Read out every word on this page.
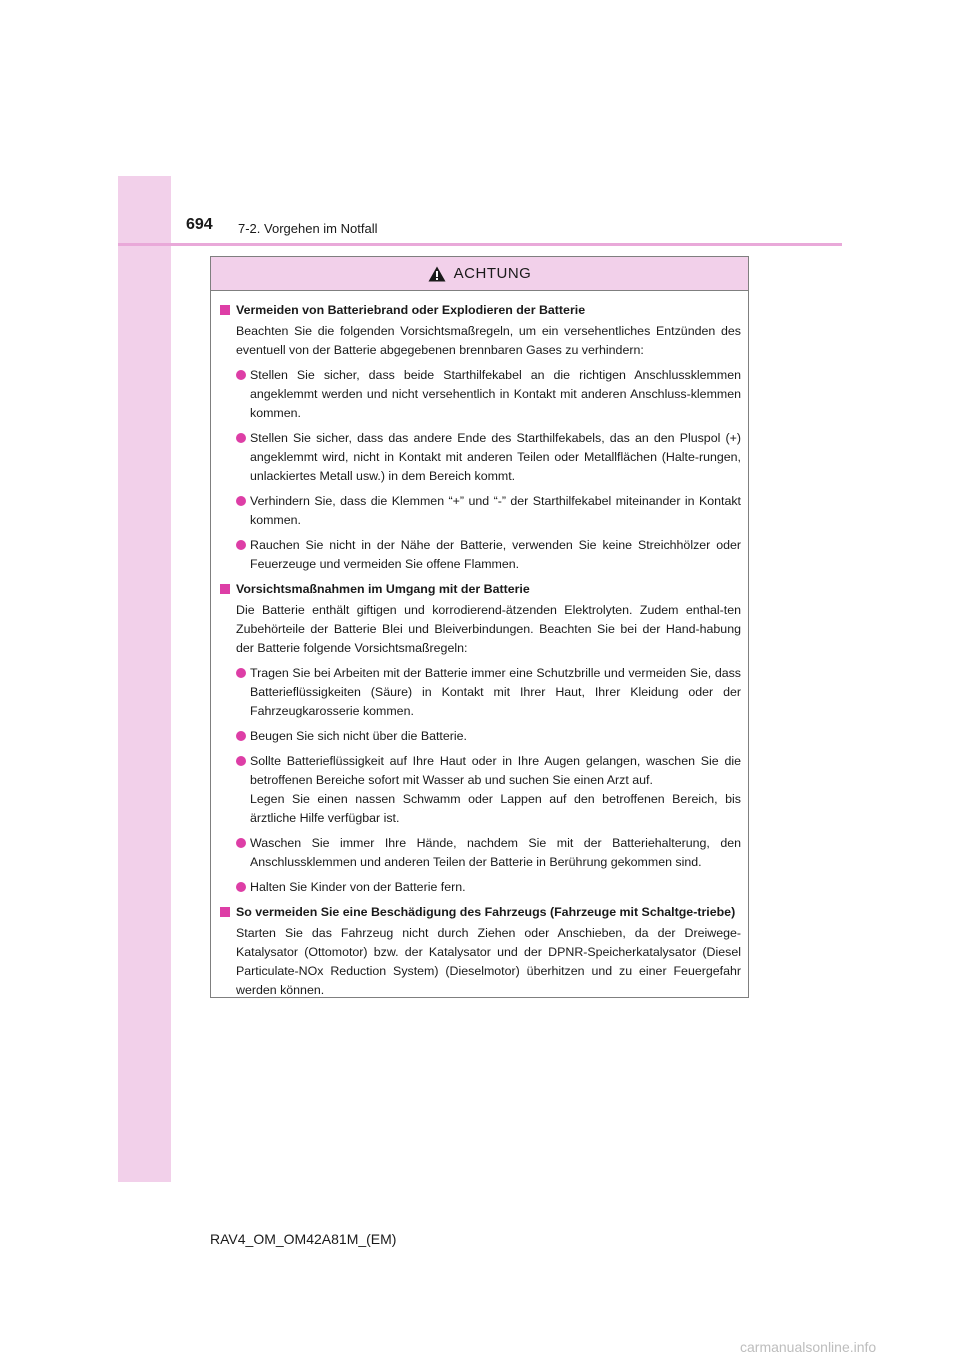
694 7-2. Vorgehen im Notfall
ACHTUNG
Vermeiden von Batteriebrand oder Explodieren der Batterie
Beachten Sie die folgenden Vorsichtsmaßregeln, um ein versehentliches Entzünden des eventuell von der Batterie abgegebenen brennbaren Gases zu verhindern:
Stellen Sie sicher, dass beide Starthilfekabel an die richtigen Anschlussklemmen angeklemmt werden und nicht versehentlich in Kontakt mit anderen Anschluss-klemmen kommen.
Stellen Sie sicher, dass das andere Ende des Starthilfekabels, das an den Pluspol (+) angeklemmt wird, nicht in Kontakt mit anderen Teilen oder Metallflächen (Halte-rungen, unlackiertes Metall usw.) in dem Bereich kommt.
Verhindern Sie, dass die Klemmen “+” und “-” der Starthilfekabel miteinander in Kontakt kommen.
Rauchen Sie nicht in der Nähe der Batterie, verwenden Sie keine Streichhölzer oder Feuerzeuge und vermeiden Sie offene Flammen.
Vorsichtsmaßnahmen im Umgang mit der Batterie
Die Batterie enthält giftigen und korrodierend-ätzenden Elektrolyten. Zudem enthal-ten Zubehörteile der Batterie Blei und Bleiverbindungen. Beachten Sie bei der Hand-habung der Batterie folgende Vorsichtsmaßregeln:
Tragen Sie bei Arbeiten mit der Batterie immer eine Schutzbrille und vermeiden Sie, dass Batterieflüssigkeiten (Säure) in Kontakt mit Ihrer Haut, Ihrer Kleidung oder der Fahrzeugkarosserie kommen.
Beugen Sie sich nicht über die Batterie.
Sollte Batterieflüssigkeit auf Ihre Haut oder in Ihre Augen gelangen, waschen Sie die betroffenen Bereiche sofort mit Wasser ab und suchen Sie einen Arzt auf.
Legen Sie einen nassen Schwamm oder Lappen auf den betroffenen Bereich, bis ärztliche Hilfe verfügbar ist.
Waschen Sie immer Ihre Hände, nachdem Sie mit der Batteriehalterung, den Anschlussklemmen und anderen Teilen der Batterie in Berührung gekommen sind.
Halten Sie Kinder von der Batterie fern.
So vermeiden Sie eine Beschädigung des Fahrzeugs (Fahrzeuge mit Schaltge-triebe)
Starten Sie das Fahrzeug nicht durch Ziehen oder Anschieben, da der Dreiwege-Katalysator (Ottomotor) bzw. der Katalysator und der DPNR-Speicherkatalysator (Diesel Particulate-NOx Reduction System) (Dieselmotor) überhitzen und zu einer Feuergefahr werden können.
RAV4_OM_OM42A81M_(EM)
carmanualsonline.info
